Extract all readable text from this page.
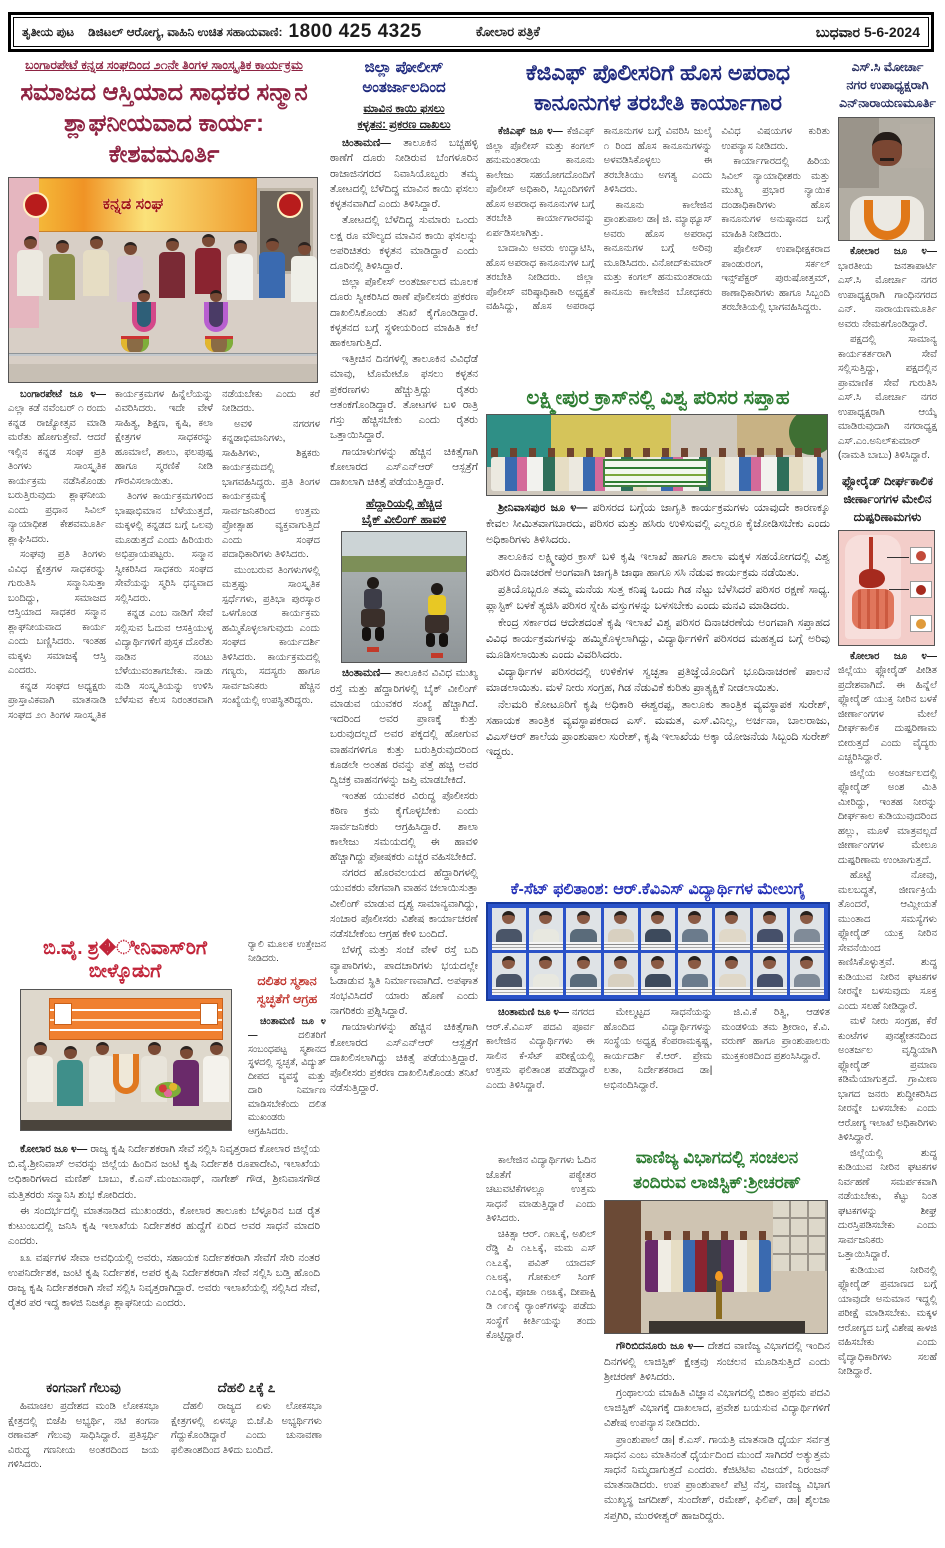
ತೃತೀಯ ಪುಟ ಡಿಜಿಟಲ್ ಆರೋಗ್ಯ, ವಾಹಿನಿ ಉಚಿತ ಸಹಾಯವಾಣಿ: 1800 425 4325	ಕೋಲಾರ ಪತ್ರಿಕೆ	ಬುಧವಾರ 5-6-2024
ಬಂಗಾರಪೇಟೆ ಕನ್ನಡ ಸಂಘದಿಂದ ೨೧ನೇ ತಿಂಗಳ ಸಾಂಸ್ಕೃತಿಕ ಕಾರ್ಯಕ್ರಮ
ಸಮಾಜದ ಆಸ್ತಿಯಾದ ಸಾಧಕರ ಸನ್ಮಾನ
ಶ್ಲಾಘನೀಯವಾದ ಕಾರ್ಯ: ಕೇಶವಮೂರ್ತಿ
ಕನ್ನಡ ಸಂಘ

ಬಂಗಾರಪೇಟೆ ಜೂ ೪— ಎಲ್ಲಾ ಕಡೆ ನವೆಂಬರ್ ೧ ರಂದು ಕನ್ನಡ ರಾಜ್ಯೋತ್ಸವ ಮಾಡಿ ಮರೆತು ಹೋಗುತ್ತೇವೆ. ಆದರೆ ಇಲ್ಲಿನ ಕನ್ನಡ ಸಂಘ ಪ್ರತಿ ತಿಂಗಳು ಸಾಂಸ್ಕೃತಿಕ ಕಾರ್ಯಕ್ರಮ ನಡೆಸಿಕೊಂಡು ಬರುತ್ತಿರುವುದು ಶ್ಲಾಘನೀಯ ಎಂದು ಪ್ರಧಾನ ಸಿವಿಲ್ ನ್ಯಾಯಾಧೀಶ ಕೇಶವಮೂರ್ತಿ ಶ್ಲಾಘಿಸಿದರು.

ಸಂಘವು ಪ್ರತಿ ತಿಂಗಳು ವಿವಿಧ ಕ್ಷೇತ್ರಗಳ ಸಾಧಕರನ್ನು ಗುರುತಿಸಿ ಸನ್ಮಾನಿಸುತ್ತಾ ಬಂದಿದ್ದು, ಸಮಾಜದ ಆಸ್ತಿಯಾದ ಸಾಧಕರ ಸನ್ಮಾನ ಶ್ಲಾಘನೀಯವಾದ ಕಾರ್ಯ ಎಂದು ಬಣ್ಣಿಸಿದರು. ಇಂತಹ ಮಕ್ಕಳು ಸಮಾಜಕ್ಕೆ ಆಸ್ತಿ ಎಂದರು.

ಕನ್ನಡ ಸಂಘದ ಅಧ್ಯಕ್ಷರು ಪ್ರಾಸ್ತಾವಿಕವಾಗಿ ಮಾತನಾಡಿ ಸಂಘದ ೨೧ ತಿಂಗಳ ಸಾಂಸ್ಕೃತಿಕ ಕಾರ್ಯಕ್ರಮಗಳ ಹಿನ್ನೆಲೆಯನ್ನು ವಿವರಿಸಿದರು. ಇದೇ ವೇಳೆ ಸಾಹಿತ್ಯ, ಶಿಕ್ಷಣ, ಕೃಷಿ, ಕಲಾ ಕ್ಷೇತ್ರಗಳ ಸಾಧಕರನ್ನು ಹೂಮಾಲೆ, ಶಾಲು, ಫಲಪುಷ್ಪ ಹಾಗೂ ಸ್ಮರಣಿಕೆ ನೀಡಿ ಗೌರವಿಸಲಾಯಿತು.

ತಿಂಗಳ ಕಾರ್ಯಕ್ರಮಗಳಿಂದ ಭಾಷಾಭಿಮಾನ ಬೆಳೆಯುತ್ತದೆ, ಮಕ್ಕಳಲ್ಲಿ ಕನ್ನಡದ ಬಗ್ಗೆ ಒಲವು ಮೂಡುತ್ತದೆ ಎಂದು ಹಿರಿಯರು ಅಭಿಪ್ರಾಯಪಟ್ಟರು. ಸನ್ಮಾನ ಸ್ವೀಕರಿಸಿದ ಸಾಧಕರು ಸಂಘದ ಸೇವೆಯನ್ನು ಸ್ಮರಿಸಿ ಧನ್ಯವಾದ ಸಲ್ಲಿಸಿದರು.

ಕನ್ನಡ ಎಂಬ ನಾಡಿಗೆ ಸೇವೆ ಸಲ್ಲಿಸುವ ಓದುವ ಆಸಕ್ತಿಯುಳ್ಳ ವಿದ್ಯಾರ್ಥಿಗಳಿಗೆ ಪುಸ್ತಕ ದೊರೆತು ನಾಡಿನ ನಂಟು ಬೆಳೆಯುವಂತಾಗಬೇಕು. ನಾಡು ನುಡಿ ಸಂಸ್ಕೃತಿಯನ್ನು ಉಳಿಸಿ ಬೆಳೆಸುವ ಕೆಲಸ ನಿರಂತರವಾಗಿ ನಡೆಯಬೇಕು ಎಂದು ಕರೆ ನೀಡಿದರು.

ಅವಳಿ ನಗರಗಳ ಕನ್ನಡಾಭಿಮಾನಿಗಳು, ಸಾಹಿತಿಗಳು, ಶಿಕ್ಷಕರು ಕಾರ್ಯಕ್ರಮದಲ್ಲಿ ಭಾಗವಹಿಸಿದ್ದರು. ಪ್ರತಿ ತಿಂಗಳ ಕಾರ್ಯಕ್ರಮಕ್ಕೆ ಸಾರ್ವಜನಿಕರಿಂದ ಉತ್ತಮ ಪ್ರೋತ್ಸಾಹ ವ್ಯಕ್ತವಾಗುತ್ತಿದೆ ಎಂದು ಸಂಘದ ಪದಾಧಿಕಾರಿಗಳು ತಿಳಿಸಿದರು.

ಮುಂಬರುವ ತಿಂಗಳುಗಳಲ್ಲಿ ಮತ್ತಷ್ಟು ಸಾಂಸ್ಕೃತಿಕ ಸ್ಪರ್ಧೆಗಳು, ಪ್ರತಿಭಾ ಪುರಸ್ಕಾರ ಒಳಗೊಂಡ ಕಾರ್ಯಕ್ರಮ ಹಮ್ಮಿಕೊಳ್ಳಲಾಗುವುದು ಎಂದು ಸಂಘದ ಕಾರ್ಯದರ್ಶಿ ತಿಳಿಸಿದರು. ಕಾರ್ಯಕ್ರಮದಲ್ಲಿ ಗಣ್ಯರು, ಸದಸ್ಯರು ಹಾಗೂ ಸಾರ್ವಜನಿಕರು ಹೆಚ್ಚಿನ ಸಂಖ್ಯೆಯಲ್ಲಿ ಉಪಸ್ಥಿತರಿದ್ದರು.

ಬಿ.ವೈ. ಶ್ರ�ೀನಿವಾಸ್‌ರಿಗೆ ಬೀಳ್ಕೊಡುಗೆ

ರ‍್ಯಾಲಿ ಮೂಲಕ ಉತ್ತೇಜನ ನೀಡಿದರು.

ದಲಿತರ ಸ್ಮಶಾನ
ಸ್ವಚ್ಛತೆಗೆ ಆಗ್ರಹ

ಚಿಂತಾಮಣಿ ಜೂ ೪— ದಲಿತರಿಗೆ ಸಂಬಂಧಪಟ್ಟ ಸ್ಮಶಾನದ ಸ್ಥಳದಲ್ಲಿ ಸ್ವಚ್ಛತೆ, ವಿದ್ಯುತ್ ದೀಪದ ವ್ಯವಸ್ಥೆ ಮತ್ತು ದಾರಿ ನಿರ್ಮಾಣ ಮಾಡಿಸಬೇಕೆಂದು ದಲಿತ ಮುಖಂಡರು ಆಗ್ರಹಿಸಿದರು.

ಕೋಲಾರ ಜೂ ೪— ರಾಜ್ಯ ಕೃಷಿ ನಿರ್ದೇಶಕರಾಗಿ ಸೇವೆ ಸಲ್ಲಿಸಿ ನಿವೃತ್ತರಾದ ಕೋಲಾರ ಜಿಲ್ಲೆಯ ಬಿ.ವೈ.ಶ್ರೀನಿವಾಸ್ ಅವರನ್ನು ಜಿಲ್ಲೆಯ ಹಿಂದಿನ ಜಂಟಿ ಕೃಷಿ ನಿರ್ದೇಶಕಿ ರೂಪಾದೇವಿ, ಇಲಾಖೆಯ ಅಧಿಕಾರಿಗಳಾದ ಮಣಿಶ್ ಬಾಬು, ಕೆ.ಎನ್.ಮಂಜುನಾಥ್, ನಾಗೇಶ್ ಗೌಡ, ಶ್ರೀನಿವಾಸಗೌಡ ಮತ್ತಿತರರು ಸನ್ಮಾನಿಸಿ ಶುಭ ಕೋರಿದರು.

ಈ ಸಂದರ್ಭದಲ್ಲಿ ಮಾತನಾಡಿದ ಮುಖಂಡರು, ಕೋಲಾರ ತಾಲೂಕು ಬೆಳ್ಳೂರಿನ ಬಡ ರೈತ ಕುಟುಂಬದಲ್ಲಿ ಜನಿಸಿ ಕೃಷಿ ಇಲಾಖೆಯ ನಿರ್ದೇಶಕರ ಹುದ್ದೆಗೆ ಏರಿದ ಅವರ ಸಾಧನೆ ಮಾದರಿ ಎಂದರು.

೩೩ ವರ್ಷಗಳ ಸೇವಾ ಅವಧಿಯಲ್ಲಿ ಅವರು, ಸಹಾಯಕ ನಿರ್ದೇಶಕರಾಗಿ ಸೇವೆಗೆ ಸೇರಿ ನಂತರ ಉಪನಿರ್ದೇಶಕ, ಜಂಟಿ ಕೃಷಿ ನಿರ್ದೇಶಕ, ಅಪರ ಕೃಷಿ ನಿರ್ದೇಶಕರಾಗಿ ಸೇವೆ ಸಲ್ಲಿಸಿ ಬಡ್ತಿ ಹೊಂದಿ ರಾಜ್ಯ ಕೃಷಿ ನಿರ್ದೇಶಕರಾಗಿ ಸೇವೆ ಸಲ್ಲಿಸಿ ನಿವೃತ್ತರಾಗಿದ್ದಾರೆ. ಅವರು ಇಲಾಖೆಯಲ್ಲಿ ಸಲ್ಲಿಸಿದ ಸೇವೆ, ರೈತರ ಪರ ಇದ್ದ ಕಾಳಜಿ ನಿಜಕ್ಕೂ ಶ್ಲಾಘನೀಯ ಎಂದರು.

ಕಂಗನಾಗೆ ಗೆಲುವು

ಹಿಮಾಚಲ ಪ್ರದೇಶದ ಮಂಡಿ ಲೋಕಸಭಾ ಕ್ಷೇತ್ರದಲ್ಲಿ ಬಿಜೆಪಿ ಅಭ್ಯರ್ಥಿ, ನಟಿ ಕಂಗನಾ ರಣಾವತ್ ಗೆಲುವು ಸಾಧಿಸಿದ್ದಾರೆ. ಪ್ರತಿಸ್ಪರ್ಧಿ ವಿರುದ್ಧ ಗಣನೀಯ ಅಂತರದಿಂದ ಜಯ ಗಳಿಸಿದರು.

ದೆಹಲಿ ೭ಕ್ಕೆ ೭

ದೆಹಲಿ ರಾಜ್ಯದ ಏಳು ಲೋಕಸಭಾ ಕ್ಷೇತ್ರಗಳಲ್ಲಿ ಏಳನ್ನೂ ಬಿ.ಜೆ.ಪಿ ಅಭ್ಯರ್ಥಿಗಳು ಗೆದ್ದುಕೊಂಡಿದ್ದಾರೆ ಎಂದು ಚುನಾವಣಾ ಫಲಿತಾಂಶದಿಂದ ತಿಳಿದು ಬಂದಿದೆ.

ಜಿಲ್ಲಾ ಪೋಲೀಸ್
ಅಂತರ್ಜಾಲದಿಂದ
ಮಾವಿನ ಕಾಯಿ ಫಸಲು
ಕಳ್ಳತನ: ಪ್ರಕರಣ ದಾಖಲು

ಚಿಂತಾಮಣಿ— ತಾಲೂಕಿನ ಬಚ್ಚಹಳ್ಳಿ ಠಾಣೆಗೆ ದೂರು ನೀಡಿರುವ ಬೆಂಗಳೂರಿನ ರಾಜಾಜಿನಗರದ ನಿವಾಸಿಯೊಬ್ಬರು ತಮ್ಮ ತೋಟದಲ್ಲಿ ಬೆಳೆದಿದ್ದ ಮಾವಿನ ಕಾಯಿ ಫಸಲು ಕಳ್ಳತನವಾಗಿದೆ ಎಂದು ತಿಳಿಸಿದ್ದಾರೆ.

ತೋಟದಲ್ಲಿ ಬೆಳೆದಿದ್ದ ಸುಮಾರು ಒಂದು ಲಕ್ಷ ರೂ ಮೌಲ್ಯದ ಮಾವಿನ ಕಾಯಿ ಫಸಲನ್ನು ಅಪರಿಚಿತರು ಕಳ್ಳತನ ಮಾಡಿದ್ದಾರೆ ಎಂದು ದೂರಿನಲ್ಲಿ ತಿಳಿಸಿದ್ದಾರೆ.

ಜಿಲ್ಲಾ ಪೊಲೀಸ್ ಅಂತರ್ಜಾಲದ ಮೂಲಕ ದೂರು ಸ್ವೀಕರಿಸಿದ ಠಾಣೆ ಪೊಲೀಸರು ಪ್ರಕರಣ ದಾಖಲಿಸಿಕೊಂಡು ತನಿಖೆ ಕೈಗೊಂಡಿದ್ದಾರೆ. ಕಳ್ಳತನದ ಬಗ್ಗೆ ಸ್ಥಳೀಯರಿಂದ ಮಾಹಿತಿ ಕಲೆ ಹಾಕಲಾಗುತ್ತಿದೆ.

ಇತ್ತೀಚಿನ ದಿನಗಳಲ್ಲಿ ತಾಲೂಕಿನ ವಿವಿಧೆಡೆ ಮಾವು, ಟೊಮೇಟೊ ಫಸಲು ಕಳ್ಳತನ ಪ್ರಕರಣಗಳು ಹೆಚ್ಚುತ್ತಿದ್ದು ರೈತರು ಆತಂಕಗೊಂಡಿದ್ದಾರೆ. ತೋಟಗಳ ಬಳಿ ರಾತ್ರಿ ಗಸ್ತು ಹೆಚ್ಚಿಸಬೇಕು ಎಂದು ರೈತರು ಒತ್ತಾಯಿಸಿದ್ದಾರೆ.

ಗಾಯಾಳುಗಳನ್ನು ಹೆಚ್ಚಿನ ಚಿಕಿತ್ಸೆಗಾಗಿ ಕೋಲಾರದ ಎಸ್ಎನ್ಆರ್ ಆಸ್ಪತ್ರೆಗೆ ದಾಖಲಾಗಿ ಚಿಕಿತ್ಸೆ ಪಡೆಯುತ್ತಿದ್ದಾರೆ.

ಹೆದ್ದಾರಿಯಲ್ಲಿ ಹೆಚ್ಚಿದ
ಬೈಕ್ ವೀಲಿಂಗ್ ಹಾವಳಿ

ಚಿಂತಾಮಣಿ— ತಾಲೂಕಿನ ವಿವಿಧ ಮುಖ್ಯ ರಸ್ತೆ ಮತ್ತು ಹೆದ್ದಾರಿಗಳಲ್ಲಿ ಬೈಕ್ ವೀಲಿಂಗ್ ಮಾಡುವ ಯುವಕರ ಸಂಖ್ಯೆ ಹೆಚ್ಚಾಗಿದೆ. ಇದರಿಂದ ಅವರ ಪ್ರಾಣಕ್ಕೆ ಕುತ್ತು ಬರುವುದಲ್ಲದೆ ಅವರ ಪಕ್ಕದಲ್ಲಿ ಹೋಗುವ ವಾಹನಗಳಿಗೂ ಕುತ್ತು ಬರುತ್ತಿರುವುದರಿಂದ ಕೂಡಲೇ ಅಂತಹ ರವನ್ನು ಪತ್ತೆ ಹಚ್ಚಿ ಅವರ ದ್ವಿಚಕ್ರ ವಾಹನಗಳನ್ನು ಜಪ್ತಿ ಮಾಡಬೇಕಿದೆ.

ಇಂತಹ ಯುವಕರ ವಿರುದ್ಧ ಪೊಲೀಸರು ಕಠಿಣ ಕ್ರಮ ಕೈಗೊಳ್ಳಬೇಕು ಎಂದು ಸಾರ್ವಜನಿಕರು ಆಗ್ರಹಿಸಿದ್ದಾರೆ. ಶಾಲಾ ಕಾಲೇಜು ಸಮಯದಲ್ಲಿ ಈ ಹಾವಳಿ ಹೆಚ್ಚಾಗಿದ್ದು ಪೋಷಕರು ಎಚ್ಚರ ವಹಿಸಬೇಕಿದೆ.

ನಗರದ ಹೊರವಲಯದ ಹೆದ್ದಾರಿಗಳಲ್ಲಿ ಯುವಕರು ವೇಗವಾಗಿ ವಾಹನ ಚಲಾಯಿಸುತ್ತಾ ವೀಲಿಂಗ್ ಮಾಡುವ ದೃಶ್ಯ ಸಾಮಾನ್ಯವಾಗಿದ್ದು, ಸಂಚಾರ ಪೊಲೀಸರು ವಿಶೇಷ ಕಾರ್ಯಾಚರಣೆ ನಡೆಸಬೇಕೆಂಬ ಆಗ್ರಹ ಕೇಳಿ ಬಂದಿದೆ.

ಬೆಳಗ್ಗೆ ಮತ್ತು ಸಂಜೆ ವೇಳೆ ರಸ್ತೆ ಬದಿ ವ್ಯಾಪಾರಿಗಳು, ಪಾದಚಾರಿಗಳು ಭಯದಲ್ಲೇ ಓಡಾಡುವ ಸ್ಥಿತಿ ನಿರ್ಮಾಣವಾಗಿದೆ. ಅಪಘಾತ ಸಂಭವಿಸಿದರೆ ಯಾರು ಹೊಣೆ ಎಂದು ನಾಗರಿಕರು ಪ್ರಶ್ನಿಸಿದ್ದಾರೆ.

ಗಾಯಾಳುಗಳನ್ನು ಹೆಚ್ಚಿನ ಚಿಕಿತ್ಸೆಗಾಗಿ ಕೋಲಾರದ ಎಸ್ಎನ್ಆರ್ ಆಸ್ಪತ್ರೆಗೆ ದಾಖಲಿಸಲಾಗಿದ್ದು ಚಿಕಿತ್ಸೆ ಪಡೆಯುತ್ತಿದ್ದಾರೆ. ಪೊಲೀಸರು ಪ್ರಕರಣ ದಾಖಲಿಸಿಕೊಂಡು ತನಿಖೆ ನಡೆಸುತ್ತಿದ್ದಾರೆ.

ಕೆಜಿಎಫ್ ಪೊಲೀಸರಿಗೆ ಹೊಸ ಅಪರಾಧ
ಕಾನೂನುಗಳ ತರಬೇತಿ ಕಾರ್ಯಾಗಾರ

ಕೆಜಿಎಫ್ ಜೂ ೪— ಕೆಜಿಎಫ್ ಜಿಲ್ಲಾ ಪೊಲೀಸ್ ಮತ್ತು ಕಂಗಲ್ ಹನುಮಂತರಾಯ ಕಾನೂನು ಕಾಲೇಜು ಸಹಯೋಗದೊಂದಿಗೆ ಪೊಲೀಸ್ ಅಧಿಕಾರಿ, ಸಿಬ್ಬಂದಿಗಳಿಗೆ ಹೊಸ ಅಪರಾಧ ಕಾನೂನುಗಳ ಬಗ್ಗೆ ತರಬೇತಿ ಕಾರ್ಯಾಗಾರವನ್ನು ಏರ್ಪಡಿಸಲಾಗಿತ್ತು.

ಬಾದಾಮಿ ಅವರು ಉದ್ಘಾಟಿಸಿ, ಹೊಸ ಅಪರಾಧ ಕಾನೂನುಗಳ ಬಗ್ಗೆ ತರಬೇತಿ ನೀಡಿದರು. ಜಿಲ್ಲಾ ಪೊಲೀಸ್ ವರಿಷ್ಠಾಧಿಕಾರಿ ಅಧ್ಯಕ್ಷತೆ ವಹಿಸಿದ್ದು, ಹೊಸ ಅಪರಾಧ ಕಾನೂನುಗಳ ಬಗ್ಗೆ ವಿವರಿಸಿ ಜುಲೈ ೧ ರಿಂದ ಹೊಸ ಕಾನೂನುಗಳನ್ನು ಅಳವಡಿಸಿಕೊಳ್ಳಲು ಈ ತರಬೇತಿಯು ಅಗತ್ಯ ಎಂದು ತಿಳಿಸಿದರು.

ಕಾನೂನು ಕಾಲೇಜಿನ ಪ್ರಾಂಶುಪಾಲ ಡಾ| ಜಿ. ಮ್ಯಾಥ್ಯೂಸ್ ಅವರು ಹೊಸ ಅಪರಾಧ ಕಾನೂನುಗಳ ಬಗ್ಗೆ ಅರಿವು ಮೂಡಿಸಿದರು. ವಿನೋದ್‌ಕುಮಾರ್ ಮತ್ತು ಕಂಗಲ್ ಹನುಮಂತರಾಯ ಕಾನೂನು ಕಾಲೇಜಿನ ಬೋಧಕರು ವಿವಿಧ ವಿಷಯಗಳ ಕುರಿತು ಉಪನ್ಯಾಸ ನೀಡಿದರು.

ಕಾರ್ಯಾಗಾರದಲ್ಲಿ ಹಿರಿಯ ಸಿವಿಲ್ ನ್ಯಾಯಾಧೀಶರು ಮತ್ತು ಮುಖ್ಯ ಪ್ರಭಾರ ನ್ಯಾಯಿಕ ದಂಡಾಧಿಕಾರಿಗಳು ಹೊಸ ಕಾನೂನುಗಳ ಅನುಷ್ಠಾನದ ಬಗ್ಗೆ ಮಾಹಿತಿ ನೀಡಿದರು.

ಪೊಲೀಸ್ ಉಪಾಧೀಕ್ಷಕರಾದ ಪಾಂಡುರಂಗ, ಸರ್ಕಲ್ ಇನ್ಸ್‌ಪೆಕ್ಟರ್ ಪುರುಷೋತ್ತಮ್, ಠಾಣಾಧಿಕಾರಿಗಳು ಹಾಗೂ ಸಿಬ್ಬಂದಿ ತರಬೇತಿಯಲ್ಲಿ ಭಾಗವಹಿಸಿದ್ದರು.

ಲಕ್ಷ್ಮೀಪುರ ಕ್ರಾಸ್‌ನಲ್ಲಿ ವಿಶ್ವ ಪರಿಸರ ಸಪ್ತಾಹ

ಶ್ರೀನಿವಾಸಪುರ ಜೂ ೪— ಪರಿಸರದ ಬಗ್ಗೆಯ ಜಾಗೃತಿ ಕಾರ್ಯಕ್ರಮಗಳು ಯಾವುದೇ ಕಾರಣಕ್ಕೂ ಕೇವಲ ಸೀಮಿತವಾಗಬಾರದು, ಪರಿಸರ ಮತ್ತು ಹಸಿರು ಉಳಿಸುವಲ್ಲಿ ಎಲ್ಲರೂ ಕೈಜೋಡಿಸಬೇಕು ಎಂದು ಅಧಿಕಾರಿಗಳು ತಿಳಿಸಿದರು.

ತಾಲೂಕಿನ ಲಕ್ಷ್ಮೀಪುರ ಕ್ರಾಸ್ ಬಳಿ ಕೃಷಿ ಇಲಾಖೆ ಹಾಗೂ ಶಾಲಾ ಮಕ್ಕಳ ಸಹಯೋಗದಲ್ಲಿ ವಿಶ್ವ ಪರಿಸರ ದಿನಾಚರಣೆ ಅಂಗವಾಗಿ ಜಾಗೃತಿ ಜಾಥಾ ಹಾಗೂ ಸಸಿ ನೆಡುವ ಕಾರ್ಯಕ್ರಮ ನಡೆಯಿತು.

ಪ್ರತಿಯೊಬ್ಬರೂ ತಮ್ಮ ಮನೆಯ ಸುತ್ತ ಕನಿಷ್ಠ ಒಂದು ಗಿಡ ನೆಟ್ಟು ಬೆಳೆಸಿದರೆ ಪರಿಸರ ರಕ್ಷಣೆ ಸಾಧ್ಯ. ಪ್ಲಾಸ್ಟಿಕ್ ಬಳಕೆ ತ್ಯಜಿಸಿ ಪರಿಸರ ಸ್ನೇಹಿ ವಸ್ತುಗಳನ್ನು ಬಳಸಬೇಕು ಎಂದು ಮನವಿ ಮಾಡಿದರು.

ಕೇಂದ್ರ ಸರ್ಕಾರದ ಆದೇಶದಂತೆ ಕೃಷಿ ಇಲಾಖೆ ವಿಶ್ವ ಪರಿಸರ ದಿನಾಚರಣೆಯ ಅಂಗವಾಗಿ ಸಪ್ತಾಹದ ವಿವಿಧ ಕಾರ್ಯಕ್ರಮಗಳನ್ನು ಹಮ್ಮಿಕೊಳ್ಳಲಾಗಿದ್ದು, ವಿದ್ಯಾರ್ಥಿಗಳಿಗೆ ಪರಿಸರದ ಮಹತ್ವದ ಬಗ್ಗೆ ಅರಿವು ಮೂಡಿಸಲಾಯಿತು ಎಂದು ವಿವರಿಸಿದರು.

ವಿದ್ಯಾರ್ಥಿಗಳ ಪರಿಸರದಲ್ಲಿ ಉಳಿಕೆಗಳ ಸ್ವಚ್ಛತಾ ಪ್ರತಿಜ್ಞೆಯೊಂದಿಗೆ ಭೂದಿನಾಚರಣೆ ಪಾಲನೆ ಮಾಡಲಾಯಿತು. ಮಳೆ ನೀರು ಸಂಗ್ರಹ, ಗಿಡ ನೆಡುವಿಕೆ ಕುರಿತು ಪ್ರಾತ್ಯಕ್ಷಿಕೆ ನೀಡಲಾಯಿತು.

ನೆಲಮರಿ ಕೋಟೂರಿಗೆ ಕೃಷಿ ಅಧಿಕಾರಿ ಈಶ್ವರಪ್ಪ, ತಾಲೂಕು ತಾಂತ್ರಿಕ ವ್ಯವಸ್ಥಾಪಕ ಸುರೇಶ್, ಸಹಾಯಕ ತಾಂತ್ರಿಕ ವ್ಯವಸ್ಥಾಪಕರಾದ ಎಸ್. ಮಮತ, ಎಸ್.ವಿನಿಲ್ಲ, ಅರ್ಚನಾ, ಬಾಲರಾಜು, ವಿಎಸ್ಆರ್ ಶಾಲೆಯ ಪ್ರಾಂಶುಪಾಲ ಸುರೇಶ್, ಕೃಷಿ ಇಲಾಖೆಯ ಅಕ್ಕಾ ಯೋಜನೆಯ ಸಿಬ್ಬಂದಿ ಸುರೇಶ್ ಇದ್ದರು.

ಕೆ-ಸೆಟ್ ಫಲಿತಾಂಶ: ಆರ್.ಕೆವಿಎಸ್ ವಿದ್ಯಾರ್ಥಿಗಳ ಮೇಲುಗೈ

ಚಿಂತಾಮಣಿ ಜೂ ೪— ನಗರದ ಆರ್.ಕೆ.ವಿಎಸ್ ಪದವಿ ಪೂರ್ವ ಕಾಲೇಜಿನ ವಿದ್ಯಾರ್ಥಿಗಳು ಈ ಸಾಲಿನ ಕೆ-ಸೆಟ್ ಪರೀಕ್ಷೆಯಲ್ಲಿ ಉತ್ತಮ ಫಲಿತಾಂಶ ಪಡೆದಿದ್ದಾರೆ ಎಂದು ತಿಳಿಸಿದ್ದಾರೆ.

ಮೇಲ್ಮಟ್ಟದ ಸಾಧನೆಯನ್ನು ಹೊಂದಿದ ವಿದ್ಯಾರ್ಥಿಗಳನ್ನು ಸಂಸ್ಥೆಯ ಅಧ್ಯಕ್ಷ ಕೆಂಪರಾಮಕೃಷ್ಣ, ಕಾರ್ಯದರ್ಶಿ ಕೆ.ಆರ್. ಪ್ರೇಮ ಲತಾ, ನಿರ್ದೇಶಕರಾದ ಡಾ| ಅಭಿನಂದಿಸಿದ್ದಾರೆ.

ಜಿ.ವಿ.ಕೆ ರಿತ್ವಿ, ಆಡಳಿತ ಮಂಡಳಿಯ ತಮ ಶ್ರೀರಾಂ, ಕೆ.ವಿ. ವರುಣ್ ಹಾಗೂ ಪ್ರಾಂಶುಪಾಲರು ಮುಕ್ತಕಂಠದಿಂದ ಪ್ರಶಂಸಿಸಿದ್ದಾರೆ.

ಕಾಲೇಜಿನ ವಿದ್ಯಾರ್ಥಿಗಳು ಓದಿನ ಜೊತೆಗೆ ಪಠ್ಯೇತರ ಚಟುವಟಿಕೆಗಳಲ್ಲೂ ಉತ್ತಮ ಸಾಧನೆ ಮಾಡುತ್ತಿದ್ದಾರೆ ಎಂದು ತಿಳಿಸಿದರು.

ಚಿಕಿತ್ಸಾ ಆರ್. ೧೫೬ಕ್ಕೆ, ಅಖಿಲ್ ರೆಡ್ಡಿ ಪಿ ೧೬೬ಕ್ಕೆ, ಮಮ ಎಸ್ ೧೬೭ಕ್ಕೆ, ಪವಿತ್ ಯಾದವ್ ೧೬೮ಕ್ಕೆ, ಗೋಕುಲ್ ಸಿಂಗ್ ೧೭೦ಕ್ಕೆ, ಪೂಜಾ ೧೮೩ಕ್ಕೆ, ದೀಪಾಕ್ಷಿ ಡಿ ೧೯೧ಕ್ಕೆ ರ‍್ಯಾಂಕ್‌ಗಳನ್ನು ಪಡೆದು ಸಂಸ್ಥೆಗೆ ಕೀರ್ತಿಯನ್ನು ತಂದು ಕೊಟ್ಟಿದ್ದಾರೆ.

ವಾಣಿಜ್ಯ ವಿಭಾಗದಲ್ಲಿ ಸಂಚಲನ
ತಂದಿರುವ ಲಾಜಿಸ್ಟಿಕ್:ಶ್ರೀಚರಣ್

ಗೌರಿಬಿದನೂರು ಜೂ ೪— ದೇಶದ ವಾಣಿಜ್ಯ ವಿಭಾಗದಲ್ಲಿ ಇಂದಿನ ದಿನಗಳಲ್ಲಿ ಲಾಜಿಸ್ಟಿಕ್ ಕ್ಷೇತ್ರವು ಸಂಚಲನ ಮೂಡಿಸುತ್ತಿದೆ ಎಂದು ಶ್ರೀಚರಣ್ ತಿಳಿಸಿದರು.

ಗ್ರಂಥಾಲಯ ಮಾಹಿತಿ ವಿಜ್ಞಾನ ವಿಭಾಗದಲ್ಲಿ ಬಿಕಾಂ ಪ್ರಥಮ ಪದವಿ ಲಾಜಿಸ್ಟಿಕ್ ವಿಭಾಗಕ್ಕೆ ದಾಖಲಾದ, ಪ್ರವೇಶ ಬಯಸುವ ವಿದ್ಯಾರ್ಥಿಗಳಿಗೆ ವಿಶೇಷ ಉಪನ್ಯಾಸ ನೀಡಿದರು.

ಪ್ರಾಂಶುಪಾಲೆ ಡಾ| ಕೆ.ಎಸ್. ಗಾಯತ್ರಿ ಮಾತನಾಡಿ ಧೈರ್ಯ ಸರ್ವತ್ರ ಸಾಧನ ಎಂಬ ಮಾತಿನಂತೆ ಧೈರ್ಯದಿಂದ ಮುಂದೆ ಸಾಗಿದರೆ ಅತ್ಯುತ್ತಮ ಸಾಧನೆ ನಿಮ್ಮದಾಗುತ್ತದೆ ಎಂದರು. ಕೆಜಿಟಿಟಿಐ ವಿಜಯ್, ನಿರಂಜನ್ ಮಾತನಾಡಿದರು. ಉಪ ಪ್ರಾಂಶುಪಾಲೆ ಪೆಟ್ರಿ ನೆಸ್ತ, ವಾಣಿಜ್ಯ ವಿಭಾಗ ಮುಖ್ಯಸ್ಥ ಜಗದೀಶ್, ಸುಂದೇಶ್, ರಮೇಶ್, ಫಿಲಿಪ್, ಡಾ| ಶೈಲಜಾ ಸಪ್ತಗಿರಿ, ಮುರಳೀಶ್ವರ್ ಹಾಜರಿದ್ದರು.

ಎಸ್.ಸಿ ಮೋರ್ಚಾ
ನಗರ ಉಪಾಧ್ಯಕ್ಷರಾಗಿ
ಎನ್‌ನಾರಾಯಣಮೂರ್ತಿ

ಕೋಲಾರ ಜೂ ೪— ಭಾರತೀಯ ಜನತಾಪಾರ್ಟಿ ಎಸ್.ಸಿ ಮೋರ್ಚಾ ನಗರ ಉಪಾಧ್ಯಕ್ಷರಾಗಿ ಗಾಂಧಿನಗರದ ಎನ್. ನಾರಾಯಣಮೂರ್ತಿ ಅವರು ನೇಮಕಗೊಂಡಿದ್ದಾರೆ.

ಪಕ್ಷದಲ್ಲಿ ಸಾಮಾನ್ಯ ಕಾರ್ಯಕರ್ತರಾಗಿ ಸೇವೆ ಸಲ್ಲಿಸುತ್ತಿದ್ದು, ಪಕ್ಷದಲ್ಲಿನ ಪ್ರಾಮಾಣಿಕ ಸೇವೆ ಗುರುತಿಸಿ ಎಸ್.ಸಿ ಮೋರ್ಚಾ ನಗರ ಉಪಾಧ್ಯಕ್ಷರಾಗಿ ಆಯ್ಕೆ ಮಾಡಿರುವುದಾಗಿ ನಗರಾಧ್ಯಕ್ಷ ಎಸ್.ಎಂ.ಅನಿಲ್‌ಕುಮಾರ್ (ನಾಮತಿ ಬಾಬು) ತಿಳಿಸಿದ್ದಾರೆ.

ಫ್ಲೋರೈಡ್ ದೀರ್ಘಕಾಲಿಕ
ಜೀರ್ಣಾಂಗಗಳ ಮೇಲಿನ
ದುಷ್ಪರಿಣಾಮಗಳು

ಕೋಲಾರ ಜೂ ೪— ಜಿಲ್ಲೆಯು ಫ್ಲೋರೈಡ್ ಪೀಡಿತ ಪ್ರದೇಶವಾಗಿದೆ. ಈ ಹಿನ್ನೆಲೆ ಫ್ಲೋರೈಡ್ ಯುಕ್ತ ನೀರಿನ ಬಳಕೆ ಜೀರ್ಣಾಂಗಗಳ ಮೇಲೆ ದೀರ್ಘಕಾಲಿಕ ದುಷ್ಪರಿಣಾಮ ಬೀರುತ್ತದೆ ಎಂದು ವೈದ್ಯರು ಎಚ್ಚರಿಸಿದ್ದಾರೆ.

ಜಿಲ್ಲೆಯ ಅಂತರ್ಜಲದಲ್ಲಿ ಫ್ಲೋರೈಡ್ ಅಂಶ ಮಿತಿ ಮೀರಿದ್ದು, ಇಂತಹ ನೀರನ್ನು ದೀರ್ಘಕಾಲ ಕುಡಿಯುವುದರಿಂದ ಹಲ್ಲು, ಮೂಳೆ ಮಾತ್ರವಲ್ಲದೆ ಜೀರ್ಣಾಂಗಗಳ ಮೇಲೂ ದುಷ್ಪರಿಣಾಮ ಉಂಟಾಗುತ್ತದೆ.

ಹೊಟ್ಟೆ ನೋವು, ಮಲಬದ್ಧತೆ, ಜೀರ್ಣಕ್ರಿಯೆ ತೊಂದರೆ, ಆಮ್ಲೀಯತೆ ಮುಂತಾದ ಸಮಸ್ಯೆಗಳು ಫ್ಲೋರೈಡ್ ಯುಕ್ತ ನೀರಿನ ಸೇವನೆಯಿಂದ ಕಾಣಿಸಿಕೊಳ್ಳುತ್ತವೆ. ಶುದ್ಧ ಕುಡಿಯುವ ನೀರಿನ ಘಟಕಗಳ ನೀರನ್ನೇ ಬಳಸುವುದು ಸೂಕ್ತ ಎಂದು ಸಲಹೆ ನೀಡಿದ್ದಾರೆ.

ಮಳೆ ನೀರು ಸಂಗ್ರಹ, ಕೆರೆ ಕುಂಟೆಗಳ ಪುನಶ್ಚೇತನದಿಂದ ಅಂತರ್ಜಲ ವೃದ್ಧಿಯಾಗಿ ಫ್ಲೋರೈಡ್ ಪ್ರಮಾಣ ಕಡಿಮೆಯಾಗುತ್ತದೆ. ಗ್ರಾಮೀಣ ಭಾಗದ ಜನರು ಶುದ್ಧೀಕರಿಸಿದ ನೀರನ್ನೇ ಬಳಸಬೇಕು ಎಂದು ಆರೋಗ್ಯ ಇಲಾಖೆ ಅಧಿಕಾರಿಗಳು ತಿಳಿಸಿದ್ದಾರೆ.

ಜಿಲ್ಲೆಯಲ್ಲಿ ಶುದ್ಧ ಕುಡಿಯುವ ನೀರಿನ ಘಟಕಗಳ ನಿರ್ವಹಣೆ ಸಮರ್ಪಕವಾಗಿ ನಡೆಯಬೇಕು, ಕೆಟ್ಟು ನಿಂತ ಘಟಕಗಳನ್ನು ಶೀಘ್ರ ದುರಸ್ತಿಪಡಿಸಬೇಕು ಎಂದು ಸಾರ್ವಜನಿಕರು ಒತ್ತಾಯಿಸಿದ್ದಾರೆ.

ಕುಡಿಯುವ ನೀರಿನಲ್ಲಿ ಫ್ಲೋರೈಡ್ ಪ್ರಮಾಣದ ಬಗ್ಗೆ ಯಾವುದೇ ಅನುಮಾನ ಇದ್ದಲ್ಲಿ ಪರೀಕ್ಷೆ ಮಾಡಿಸಬೇಕು. ಮಕ್ಕಳ ಆರೋಗ್ಯದ ಬಗ್ಗೆ ವಿಶೇಷ ಕಾಳಜಿ ವಹಿಸಬೇಕು ಎಂದು ವೈದ್ಯಾಧಿಕಾರಿಗಳು ಸಲಹೆ ನೀಡಿದ್ದಾರೆ.
